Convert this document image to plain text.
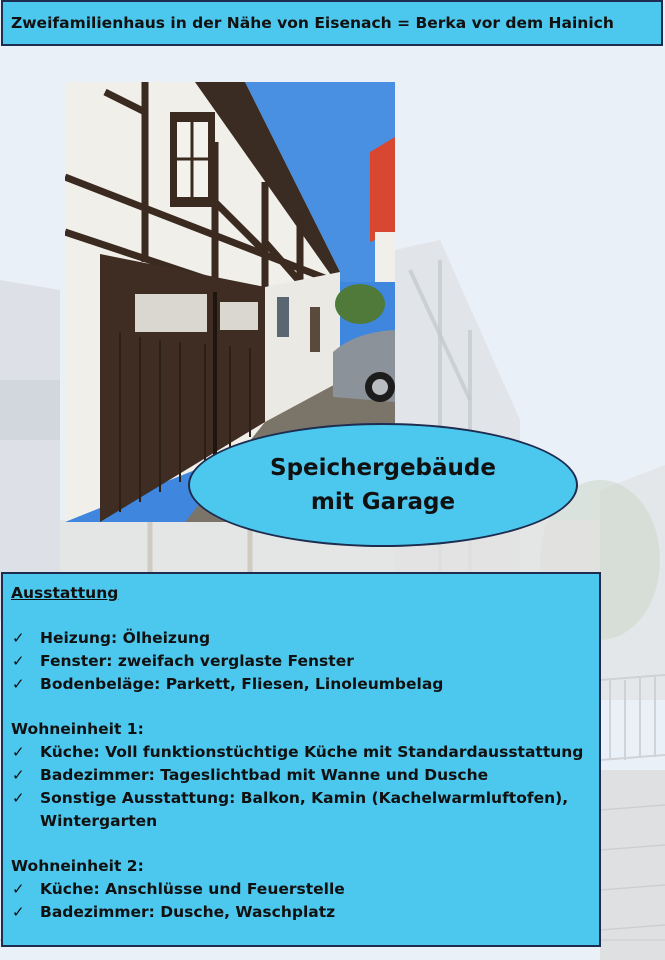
Zweifamilienhaus in der Nähe von Eisenach = Berka vor dem Hainich
Speichergebäude
mit Garage
Ausstattung
✓ Heizung: Ölheizung
✓ Fenster: zweifach verglaste Fenster
✓ Bodenbeläge: Parkett, Fliesen, Linoleumbelag
Wohneinheit 1:
✓ Küche: Voll funktionstüchtige Küche mit Standardausstattung
✓ Badezimmer: Tageslichtbad mit Wanne und Dusche
✓ Sonstige Ausstattung: Balkon, Kamin (Kachelwarmluftofen), Wintergarten
Wohneinheit 2:
✓ Küche: Anschlüsse und Feuerstelle
✓ Badezimmer: Dusche, Waschplatz
